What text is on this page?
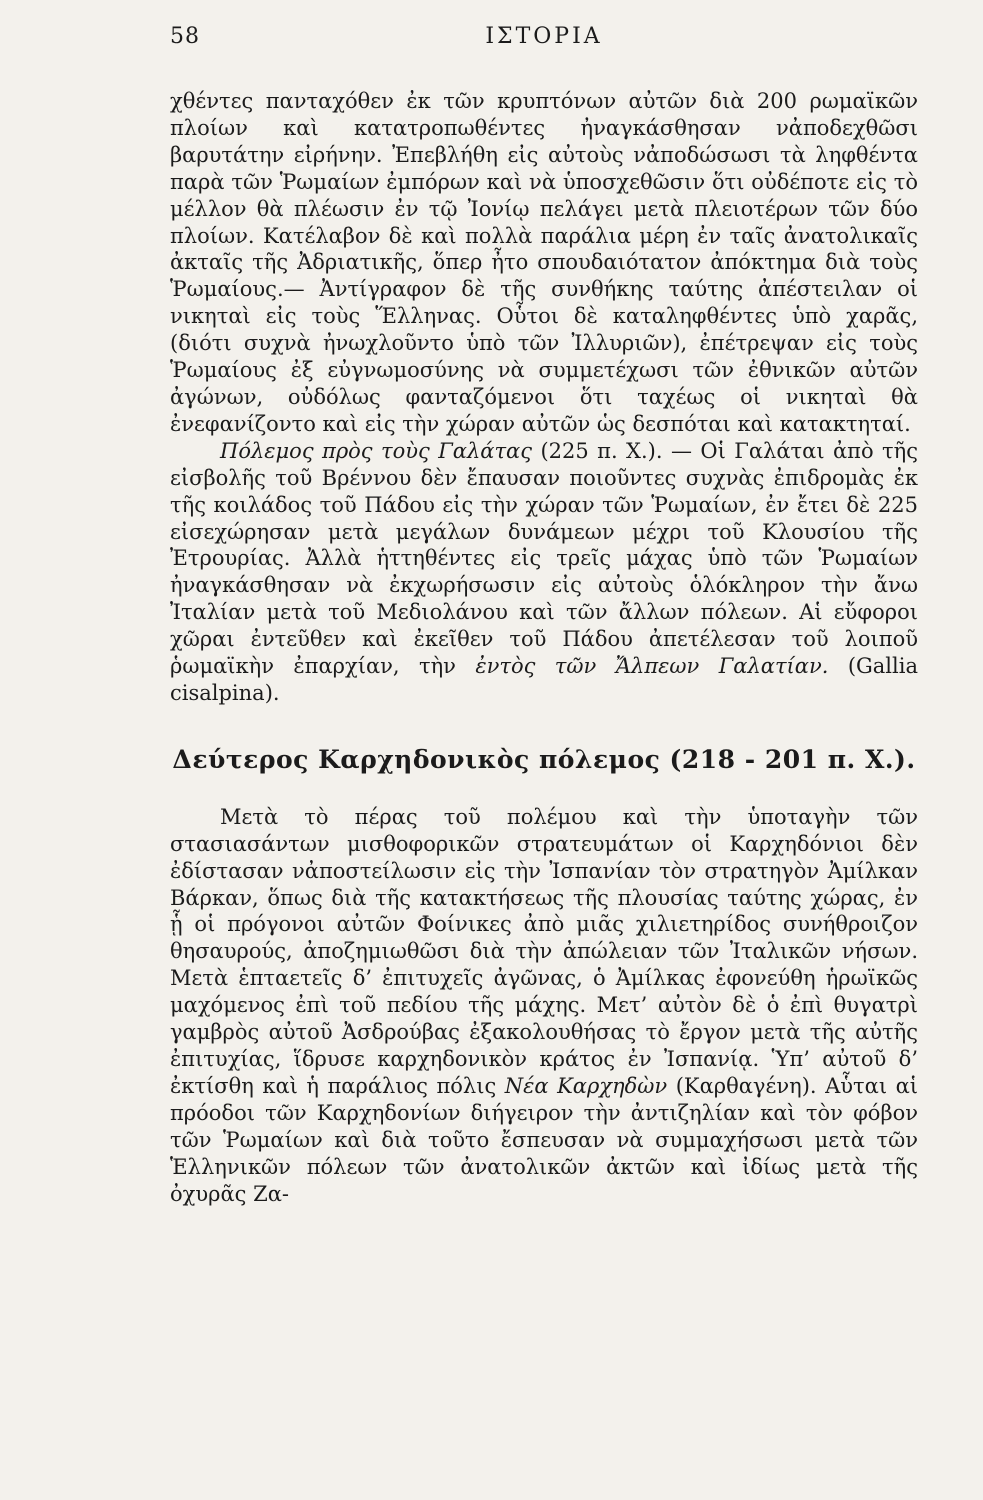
58	ΙΣΤΟΡΙΑ

χθέντες πανταχόθεν ἐκ τῶν κρυπτόνων αὐτῶν διὰ 200 ρωμαϊκῶν πλοίων καὶ κατατροπωθέντες ἠναγκάσθησαν νἀποδεχθῶσι βαρυτάτην εἰρήνην. Ἐπεβλήθη εἰς αὐτοὺς νἀποδώσωσι τὰ ληφθέντα παρὰ τῶν Ῥωμαίων ἐμπόρων καὶ νὰ ὑποσχεθῶσιν ὅτι οὐδέποτε εἰς τὸ μέλλον θὰ πλέωσιν ἐν τῷ Ἰονίῳ πελάγει μετὰ πλειοτέρων τῶν δύο πλοίων. Κατέλαβον δὲ καὶ πολλὰ παράλια μέρη ἐν ταῖς ἀνατολικαῖς ἀκταῖς τῆς Ἀδριατικῆς, ὅπερ ἦτο σπουδαιότατον ἀπόκτημα διὰ τοὺς Ῥωμαίους.— Ἀντίγραφον δὲ τῆς συνθήκης ταύτης ἀπέστειλαν οἱ νικηταὶ εἰς τοὺς Ἕλληνας. Οὗτοι δὲ καταληφθέντες ὑπὸ χαρᾶς, (διότι συχνὰ ἠνωχλοῦντο ὑπὸ τῶν Ἰλλυριῶν), ἐπέτρεψαν εἰς τοὺς Ῥωμαίους ἐξ εὐγνωμοσύνης νὰ συμμετέχωσι τῶν ἐθνικῶν αὐτῶν ἀγώνων, οὐδόλως φανταζόμενοι ὅτι ταχέως οἱ νικηταὶ θὰ ἐνεφανίζοντο καὶ εἰς τὴν χώραν αὐτῶν ὡς δεσπόται καὶ κατακτηταί.

Πόλεμος πρὸς τοὺς Γαλάτας (225 π. Χ.). — Οἱ Γαλάται ἀπὸ τῆς εἰσβολῆς τοῦ Βρέννου δὲν ἔπαυσαν ποιοῦντες συχνὰς ἐπιδρομὰς ἐκ τῆς κοιλάδος τοῦ Πάδου εἰς τὴν χώραν τῶν Ῥωμαίων, ἐν ἔτει δὲ 225 εἰσεχώρησαν μετὰ μεγάλων δυνάμεων μέχρι τοῦ Κλουσίου τῆς Ἐτρουρίας. Ἀλλὰ ἡττηθέντες εἰς τρεῖς μάχας ὑπὸ τῶν Ῥωμαίων ἠναγκάσθησαν νὰ ἐκχωρήσωσιν εἰς αὐτοὺς ὁλόκληρον τὴν ἄνω Ἰταλίαν μετὰ τοῦ Μεδιολάνου καὶ τῶν ἄλλων πόλεων. Αἱ εὔφοροι χῶραι ἐντεῦθεν καὶ ἐκεῖθεν τοῦ Πάδου ἀπετέλεσαν τοῦ λοιποῦ ῥωμαϊκὴν ἐπαρχίαν, τὴν ἐντὸς τῶν Ἄλπεων Γαλατίαν. (Gallia cisalpina).

Δεύτερος Καρχηδονικὸς πόλεμος (218 - 201 π. Χ.).

Μετὰ τὸ πέρας τοῦ πολέμου καὶ τὴν ὑποταγὴν τῶν στασιασάντων μισθοφορικῶν στρατευμάτων οἱ Καρχηδόνιοι δὲν ἐδίστασαν νἀποστείλωσιν εἰς τὴν Ἰσπανίαν τὸν στρατηγὸν Ἀμίλκαν Βάρκαν, ὅπως διὰ τῆς κατακτήσεως τῆς πλουσίας ταύτης χώρας, ἐν ᾗ οἱ πρόγονοι αὐτῶν Φοίνικες ἀπὸ μιᾶς χιλιετηρίδος συνήθροιζον θησαυρούς, ἀποζημιωθῶσι διὰ τὴν ἀπώλειαν τῶν Ἰταλικῶν νήσων. Μετὰ ἑπταετεῖς δ’ ἐπιτυχεῖς ἀγῶνας, ὁ Ἀμίλκας ἐφονεύθη ἡρωϊκῶς μαχόμενος ἐπὶ τοῦ πεδίου τῆς μάχης. Μετ’ αὐτὸν δὲ ὁ ἐπὶ θυγατρὶ γαμβρὸς αὐτοῦ Ἀσδρούβας ἐξακολουθήσας τὸ ἔργον μετὰ τῆς αὐτῆς ἐπιτυχίας, ἵδρυσε καρχηδονικὸν κράτος ἐν Ἰσπανίᾳ. Ὑπ’ αὐτοῦ δ’ ἐκτίσθη καὶ ἡ παράλιος πόλις Νέα Καρχηδὼν (Καρθαγένη). Αὗται αἱ πρόοδοι τῶν Καρχηδονίων διήγειρον τὴν ἀντιζηλίαν καὶ τὸν φόβον τῶν Ῥωμαίων καὶ διὰ τοῦτο ἔσπευσαν νὰ συμμαχήσωσι μετὰ τῶν Ἑλληνικῶν πόλεων τῶν ἀνατολικῶν ἀκτῶν καὶ ἰδίως μετὰ τῆς ὀχυρᾶς Ζα-
